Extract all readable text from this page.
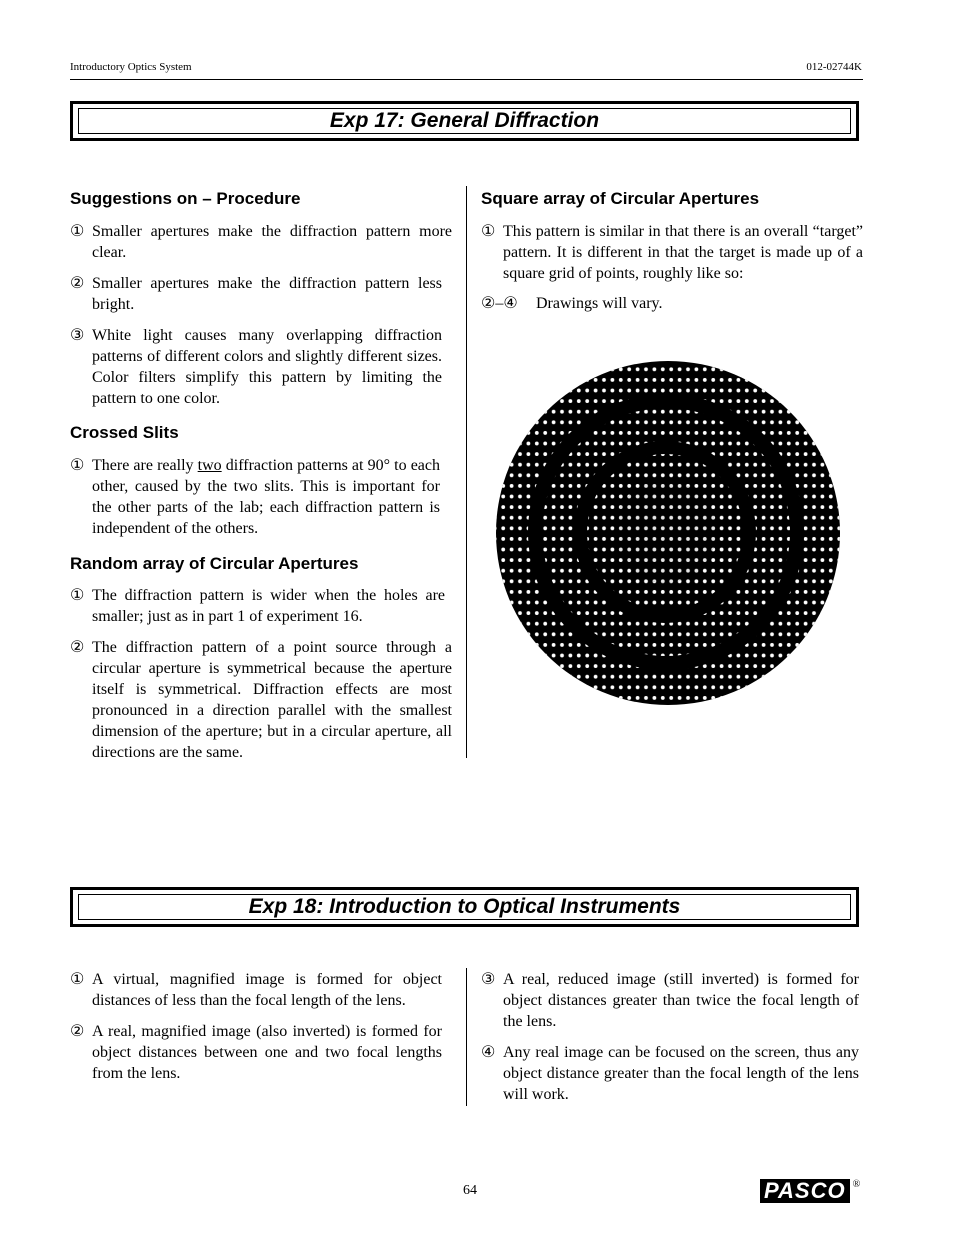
Introductory Optics System	012-02744K
Exp 17: General Diffraction
Suggestions on – Procedure
① Smaller apertures make the diffraction pattern more clear.
② Smaller apertures make the diffraction pattern less bright.
③ White light causes many overlapping diffraction patterns of different colors and slightly different sizes. Color filters simplify this pattern by limiting the pattern to one color.
Crossed Slits
① There are really two diffraction patterns at 90° to each other, caused by the two slits. This is important for the other parts of the lab; each diffraction pattern is independent of the others.
Random array of Circular Apertures
① The diffraction pattern is wider when the holes are smaller; just as in part 1 of experiment 16.
② The diffraction pattern of a point source through a circular aperture is symmetrical because the aperture itself is symmetrical. Diffraction effects are most pronounced in a direction parallel with the smallest dimension of the aperture; but in a circular aperture, all directions are the same.
Square array of Circular Apertures
① This pattern is similar in that there is an overall “target” pattern. It is different in that the target is made up of a square grid of points, roughly like so:
②–④ Drawings will vary.
Exp 18: Introduction to Optical Instruments
① A virtual, magnified image is formed for object distances of less than the focal length of the lens.
② A real, magnified image (also inverted) is formed for object distances between one and two focal lengths from the lens.
③ A real, reduced image (still inverted) is formed for object distances greater than twice the focal length of the lens.
④ Any real image can be focused on the screen, thus any object distance greater than the focal length of the lens will work.
64	PASCO ®
